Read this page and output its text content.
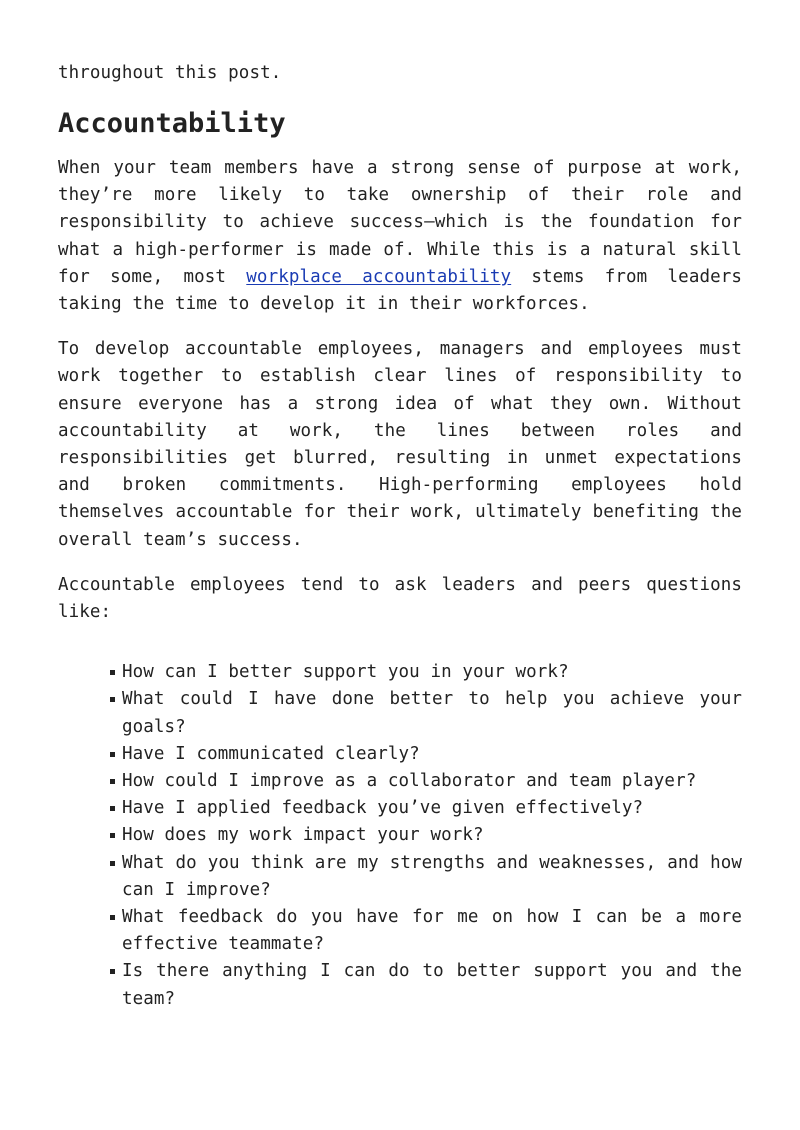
throughout this post.
Accountability

When your team members have a strong sense of purpose at work, they’re more likely to take ownership of their role and responsibility to achieve success—which is the foundation for what a high-performer is made of. While this is a natural skill for some, most workplace accountability stems from leaders taking the time to develop it in their workforces.

To develop accountable employees, managers and employees must work together to establish clear lines of responsibility to ensure everyone has a strong idea of what they own. Without accountability at work, the lines between roles and responsibilities get blurred, resulting in unmet expectations and broken commitments. High-performing employees hold themselves accountable for their work, ultimately benefiting the overall team’s success.

Accountable employees tend to ask leaders and peers questions like:

How can I better support you in your work?
What could I have done better to help you achieve your goals?
Have I communicated clearly?
How could I improve as a collaborator and team player?
Have I applied feedback you’ve given effectively?
How does my work impact your work?
What do you think are my strengths and weaknesses, and how can I improve?
What feedback do you have for me on how I can be a more effective teammate?
Is there anything I can do to better support you and the team?
